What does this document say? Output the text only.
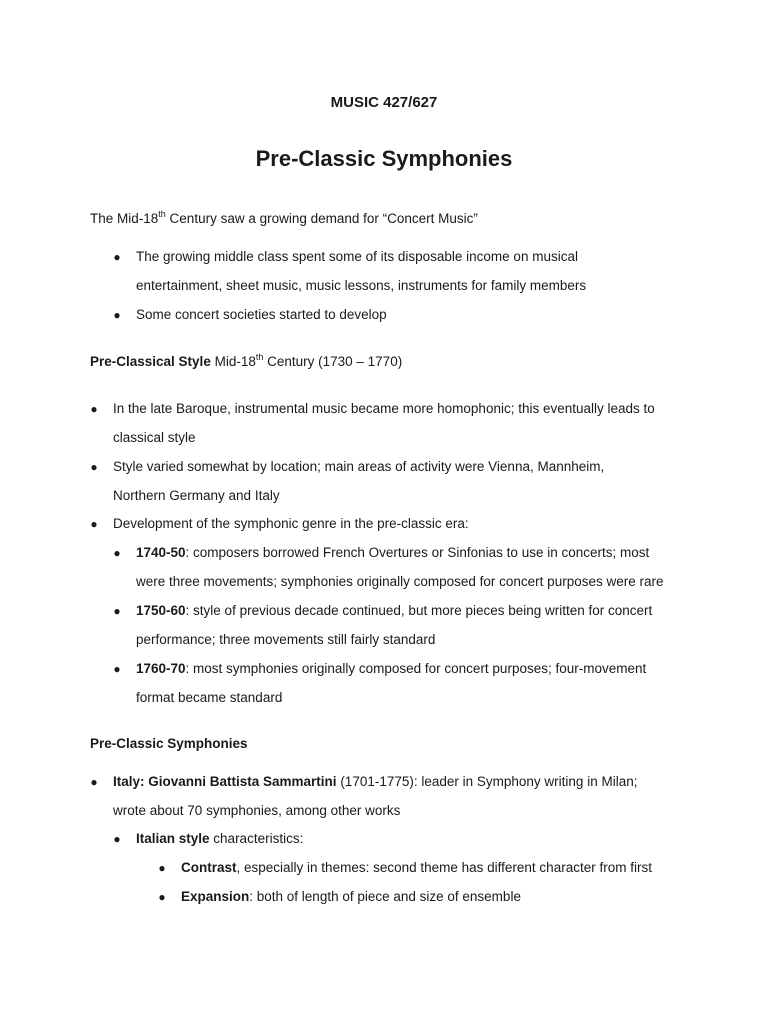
MUSIC 427/627
Pre-Classic Symphonies
The Mid-18th Century saw a growing demand for “Concert Music”
● The growing middle class spent some of its disposable income on musical
entertainment, sheet music, music lessons, instruments for family members
● Some concert societies started to develop
Pre-Classical Style Mid-18th Century (1730 – 1770)
● In the late Baroque, instrumental music became more homophonic; this eventually leads to
classical style
● Style varied somewhat by location; main areas of activity were Vienna, Mannheim,
Northern Germany and Italy
● Development of the symphonic genre in the pre-classic era:
● 1740-50: composers borrowed French Overtures or Sinfonias to use in concerts; most
were three movements; symphonies originally composed for concert purposes were rare
● 1750-60: style of previous decade continued, but more pieces being written for concert
performance; three movements still fairly standard
● 1760-70: most symphonies originally composed for concert purposes; four-movement
format became standard
Pre-Classic Symphonies
● Italy: Giovanni Battista Sammartini (1701-1775): leader in Symphony writing in Milan;
wrote about 70 symphonies, among other works
● Italian style characteristics:
● Contrast, especially in themes: second theme has different character from first
● Expansion: both of length of piece and size of ensemble
